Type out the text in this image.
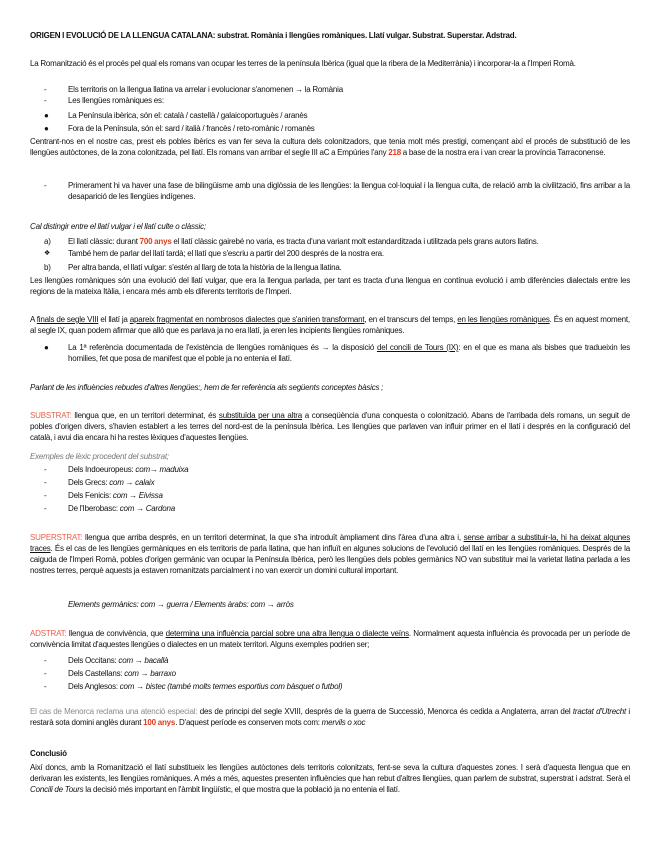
ORIGEN I EVOLUCIÓ DE LA LLENGUA CATALANA: substrat. Romània i llengües romàniques. Llatí vulgar. Substrat. Superstar. Adstrad.

La Romanització és el procés pel qual els romans van ocupar les terres de la península Ibèrica (igual que la ribera de la Mediterrània) i incorporar-la a l'Imperi Romà.

-	Els territoris on la llengua llatina va arrelar i evolucionar s'anomenen → la Romània
-	Les llengües romàniques es:
● La Península ibèrica, són el: català / castellà / galaicoportuguès / aranès
● Fora de la Península, són el: sard / italià / francès / reto-romànic / romanès

Centrant-nos en el nostre cas, prest els pobles ibèrics es van fer seva la cultura dels colonitzadors, que tenia molt més prestigi, començant així el procés de substitució de les llengües autòctones, de la zona colonitzada, pel llatí. Els romans van arribar el segle III aC a Empúries l'any 218 a base de la nostra era i van crear la província Tarraconense.

-	Primerament hi va haver una fase de bilingüisme amb una diglòssia de les llengües: la llengua col·loquial i la llengua culta, de relació amb la civilització, fins arribar a la desaparició de les llengües indígenes.

Cal distingir entre el llatí vulgar i el llatí culte o clàssic;

a) El llatí clàssic: durant 700 anys el llatí clàssic gairebé no varia, es tracta d'una variant molt estandarditzada i utilitzada pels grans autors llatins.
❖ També hem de parlar del llatí tardà; el llatí que s'escriu a partir del 200 després de la nostra era.
b) Per altra banda, el llatí vulgar: s'estén al llarg de tota la història de la llengua llatina.

Les llengües romàniques són una evolució del llatí vulgar, que era la llengua parlada, per tant es tracta d'una llengua en contínua evolució i amb diferències dialectals entre les regions de la mateixa Itàlia, i encara més amb els diferents territoris de l'Imperi.

A finals de segle VIII el llatí ja apareix fragmentat en nombrosos dialectes que s'anirien transformant, en el transcurs del temps, en les llengües romàniques. És en aquest moment, al segle IX, quan podem afirmar que allò que es parlava ja no era llatí, ja eren les incipients llengües romàniques.

● La 1ª referència documentada de l'existència de llengües romàniques és → la disposició del concili de Tours (IX): en el que es mana als bisbes que tradueixin les homilies, fet que posa de manifest que el poble ja no entenia el llatí.

Parlant de les influències rebudes d'altres llengües:, hem de fer referència als següents conceptes bàsics ;

SUBSTRAT: llengua que, en un territori determinat, és substituïda per una altra a conseqüència d'una conquesta o colonització. Abans de l'arribada dels romans, un seguit de pobles d'origen divers, s'havien establert a les terres del nord-est de la península Ibèrica. Les llengües que parlaven van influir primer en el llatí i després en la configuració del català, i avui dia encara hi ha restes lèxiques d'aquestes llengües.

Exemples de lèxic procedent del substrat;

-	Dels Indoeuropeus: com→ maduixa
-	Dels Grecs: com → calaix
-	Dels Fenicis: com → Eivissa
-	De l'Iberobasc: com → Cardona

SUPERSTRAT: llengua que arriba després, en un territori determinat, la que s'ha introduït àmpliament dins l'àrea d'una altra i, sense arribar a substituir-la, hi ha deixat algunes traces. És el cas de les llengües germàniques en els territoris de parla llatina, que han influït en algunes solucions de l'evolució del llatí en les llengües romàniques. Després de la caiguda de l'Imperi Romà, pobles d'origen germànic van ocupar la Península Ibèrica, però les llengües dels pobles germànics NO van substituir mai la varietat llatina parlada a les nostres terres, perquè aquests ja estaven romanitzats parcialment i no van exercir un domini cultural important.

Elements germànics: com → guerra / Elements àrabs: com → arròs

ADSTRAT: llengua de convivència, que determina una influència parcial sobre una altra llengua o dialecte veïns. Normalment aquesta influència és provocada per un període de convivència limitat d'aquestes llengües o dialectes en un mateix territori. Alguns exemples podrien ser;

-	Dels Occitans: com → bacallà
-	Dels Castellans: com → barraxo
-	Dels Anglesos: com → bistec (també molts termes esportius com bàsquet o futbol)

El cas de Menorca reclama una atenció especial: des de principi del segle XVIII, després de la guerra de Successió, Menorca és cedida a Anglaterra, arran del tractat d'Utrecht i restarà sota domini anglès durant 100 anys. D'aquest període es conserven mots com: mervils o xoc

Conclusió

Així doncs, amb la Romanització el llatí substitueix les llengües autòctones dels territoris colonitzats, fent-se seva la cultura d'aquestes zones. I serà d'aquesta llengua que en derivaran les existents, les llengües romàniques. A més a més, aquestes presenten influències que han rebut d'altres llengües, quan parlem de substrat, superstrat i adstrat. Serà el Concili de Tours la decisió més important en l'àmbit lingüístic, el que mostra que la població ja no entenia el llatí.
